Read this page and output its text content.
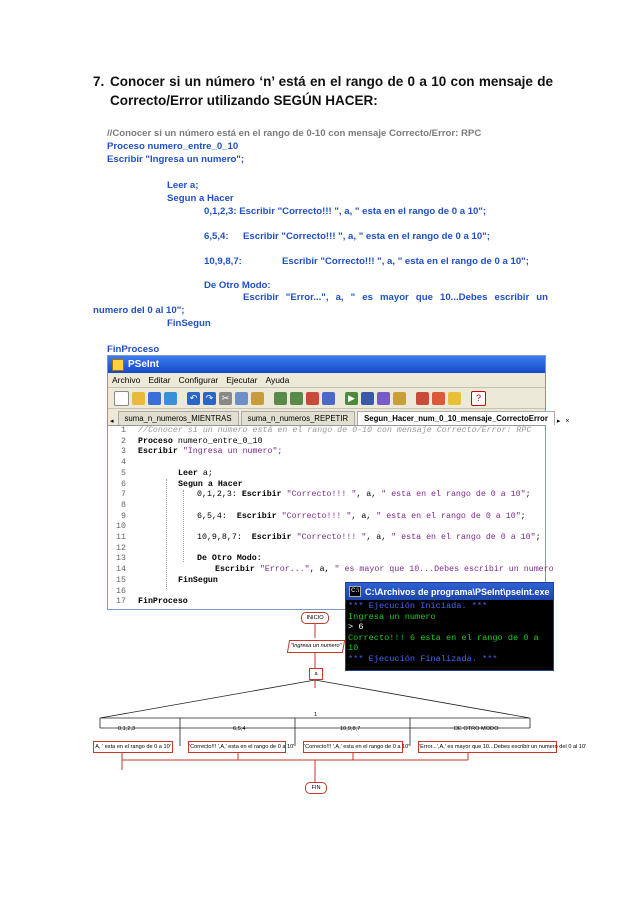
7. Conocer si un número ‘n’ está en el rango de 0 a 10 con mensaje de Correcto/Error utilizando SEGÚN HACER:
//Conocer si un número está en el rango de 0-10 con mensaje Correcto/Error: RPC
Proceso numero_entre_0_10
Escribir "Ingresa un numero";
Leer a;
Segun a Hacer
0,1,2,3: Escribir "Correcto!!! ", a, " esta en el rango de 0 a 10";
6,5,4: Escribir "Correcto!!! ", a, " esta en el rango de 0 a 10";
10,9,8,7:	Escribir "Correcto!!! ", a, " esta en el rango de 0 a 10";
De Otro Modo:
Escribir "Error...", a, " es mayor que 10...Debes escribir un
numero del 0 al 10";
FinSegun
FinProceso
PSeInt
Archivo Editar Configurar Ejecutar Ayuda
↶ ↷ ✂	▶	?
◂	suma_n_numeros_MIENTRAS	suma_n_numeros_REPETIR	Segun_Hacer_num_0_10_mensaje_CorrectoError	▸ ×
1
2
3
4
5
6
7
8
9
10
11
12
13
14
15
16
17
//Conocer si un número está en el rango de 0-10 con mensaje Correcto/Error: RPC
Proceso numero_entre_0_10
Escribir "Ingresa un numero";
Leer a;
Segun a Hacer
0,1,2,3: Escribir "Correcto!!! ", a, " esta en el rango de 0 a 10";
6,5,4:  Escribir "Correcto!!! ", a, " esta en el rango de 0 a 10";
10,9,8,7:  Escribir "Correcto!!! ", a, " esta en el rango de 0 a 10";
De Otro Modo:
Escribir "Error...", a, " es mayor que 10...Debes escribir un numero
FinSegun
FinProceso
C:\ C:\Archivos de programa\PSeInt\pseint.exe
*** Ejecución Iniciada. ***
Ingresa un numero
> 6
Correcto!!! 6 esta en el rango de 0 a 10
*** Ejecución Finalizada. ***
INICIO
"Ingresa un numero"
a
1
0,1,2,3	6,5,4	10,9,8,7	DE OTRO MODO
A, ' esta en el rango de 0 a 10'	'Correcto!!! ',A,' esta en el rango de 0 a 10' 'Correcto!!! ',A,' esta en el rango de 0 a 10' 'Error...',A,' es mayor que 10...Debes escribir un numero del 0 al 10'
FIN
